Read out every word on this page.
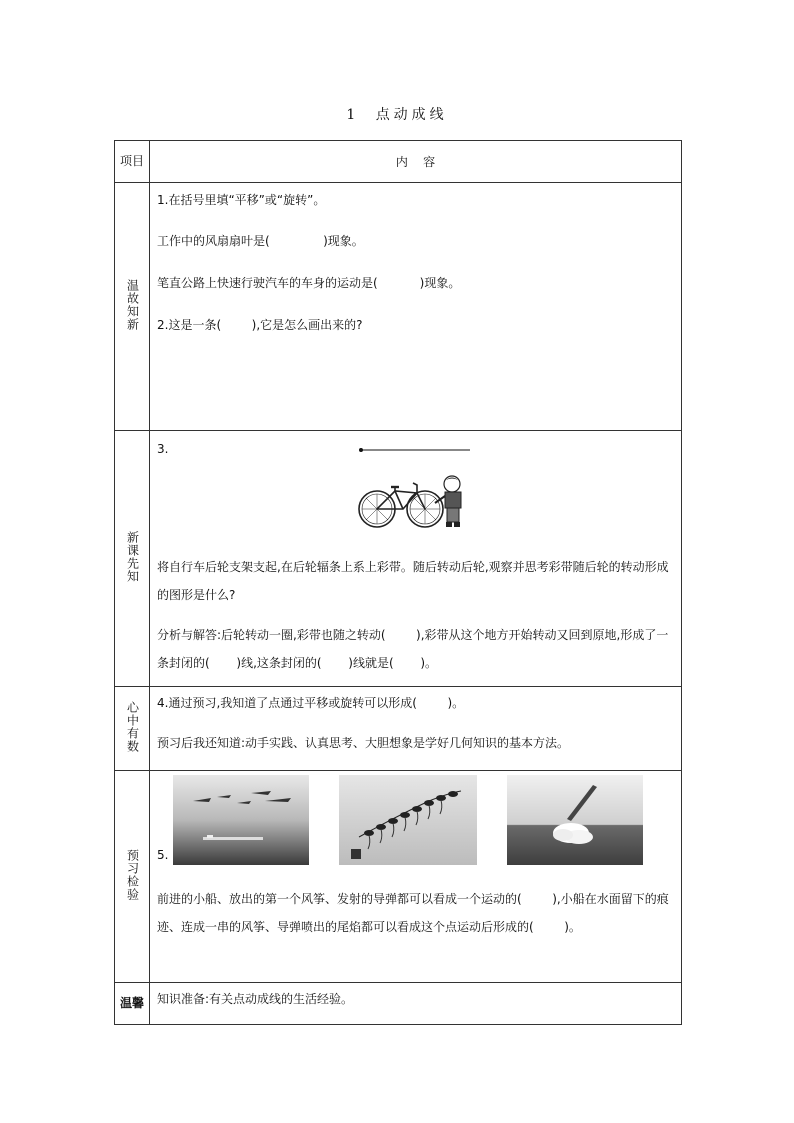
1 点动成线
项目	内    容
温故知新	1.在括号里填“平移”或“旋转”。
工作中的风扇扇叶是(              )现象。
笔直公路上快速行驶汽车的车身的运动是(           )现象。
2.这是一条(        ),它是怎么画出来的?

新课先知	3.
将自行车后轮支架支起,在后轮辐条上系上彩带。随后转动后轮,观察并思考彩带随后轮的转动形成的图形是什么?
分析与解答:后轮转动一圈,彩带也随之转动(        ),彩带从这个地方开始转动又回到原地,形成了一条封闭的(       )线,这条封闭的(       )线就是(       )。

心中有数	4.通过预习,我知道了点通过平移或旋转可以形成(        )。
预习后我还知道:动手实践、认真思考、大胆想象是学好几何知识的基本方法。

预习检验	5.
前进的小船、放出的第一个风筝、发射的导弹都可以看成一个运动的(        ),小船在水面留下的痕迹、连成一串的风筝、导弹喷出的尾焰都可以看成这个点运动后形成的(        )。

温馨	知识准备:有关点动成线的生活经验。
